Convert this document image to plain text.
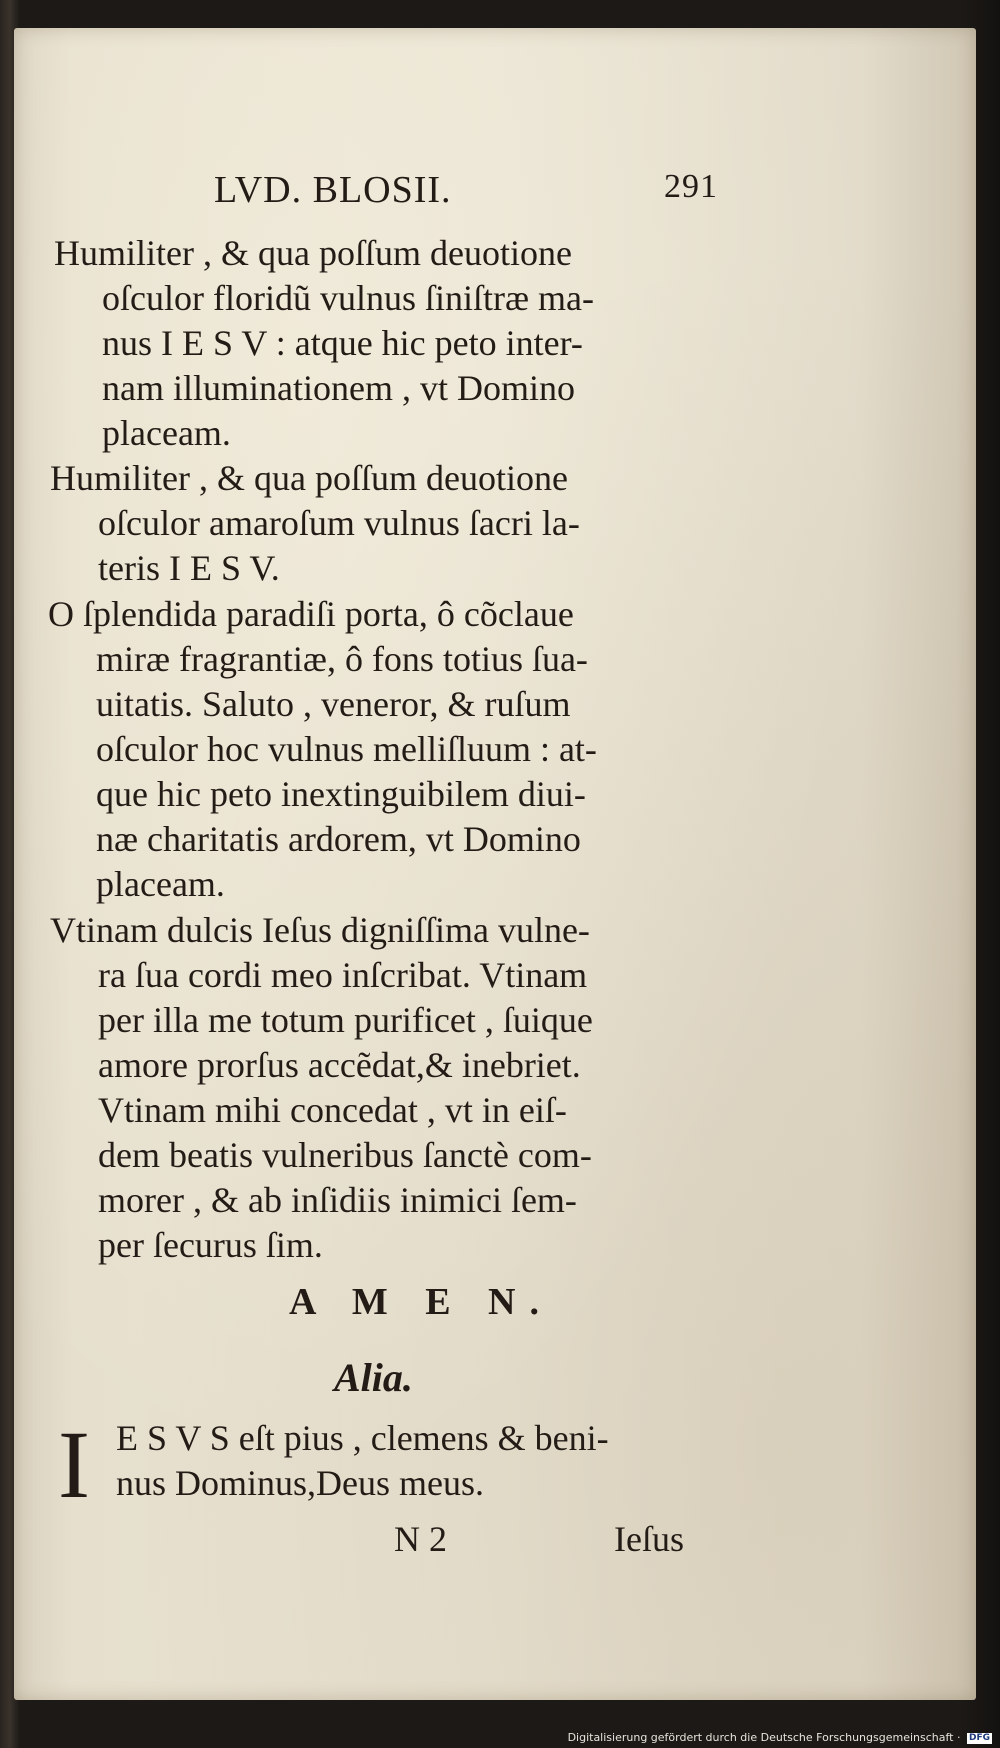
LVD. BLOSII.	291
Humiliter , & qua poſſum deuotione
oſculor floridũ vulnus ſiniſtræ ma-
nus I E S V : atque hic peto inter-
nam illuminationem , vt Domino
placeam.
Humiliter , & qua poſſum deuotione
oſculor amaroſum vulnus ſacri la-
teris I E S V.
O ſplendida paradiſi porta, ô cõclaue
miræ fragrantiæ, ô fons totius ſua-
uitatis. Saluto , veneror, & ruſum
oſculor hoc vulnus melliſluum : at-
que hic peto inextinguibilem diui-
næ charitatis ardorem, vt Domino
placeam.
Vtinam dulcis Ieſus digniſſima vulne-
ra ſua cordi meo inſcribat. Vtinam
per illa me totum purificet , ſuique
amore prorſus accẽdat,& inebriet.
Vtinam mihi concedat , vt in eiſ-
dem beatis vulneribus ſanctè com-
morer , & ab inſidiis inimici ſem-
per ſecurus ſim.
A M E N.
Alia.
I E S V S eſt pius , clemens & beni-
nus Dominus,Deus meus.
N 2	Ieſus
Digitalisierung gefördert durch die Deutsche Forschungsgemeinschaft · DFG
